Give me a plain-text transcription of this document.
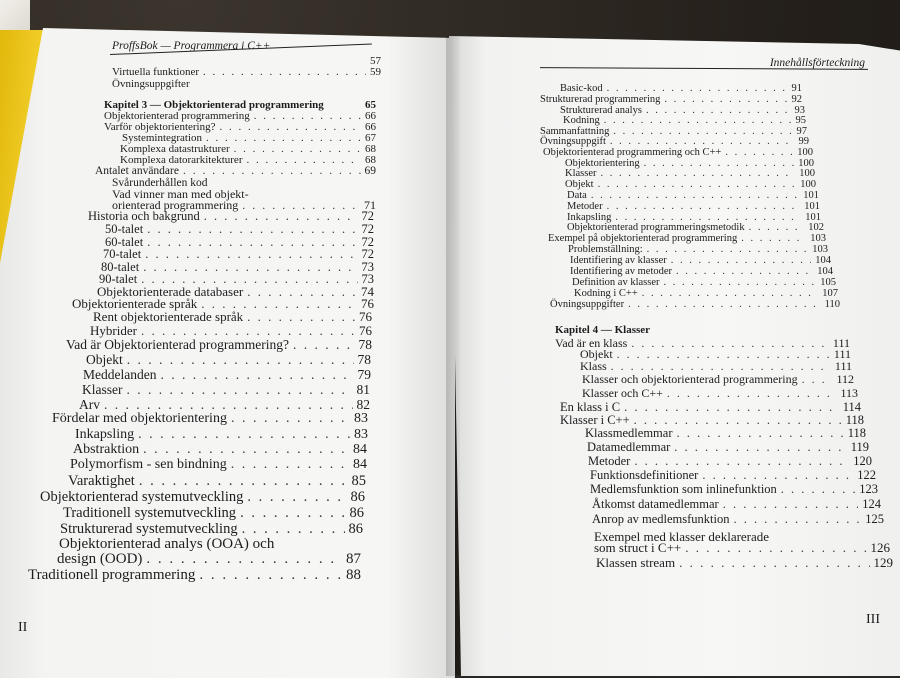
ProffsBok — Programmera i C++
Innehållsförteckning
57
Virtuella funktioner . . .	59
Övningsuppgifter
Kapitel 3 — Objektorienterad programmering	65
Objektorienterad programmering . . .	66
Varför objektorientering? . . .	66
Systemintegration . . .	67
Komplexa datastrukturer . . .	68
Komplexa datorarkitekturer . . .	68
Antalet användare . . .	69
Svårunderhållen kod
Vad vinner man med objekt-
orienterad programmering . . .	71
Historia och bakgrund . . .	72
50-talet . . .	72
60-talet . . .	72
70-talet . . .	72
80-talet . . .	73
90-talet . . .	73
Objektorienterade databaser . . .	74
Objektorienterade språk . . .	76
Rent objektorienterade språk . . .	76
Hybrider . . .	76
Vad är Objektorienterad programmering? . . .	78
Objekt . . .	78
Meddelanden . . .	79
Klasser . . .	81
Arv . . .	82
Fördelar med objektorientering . . .	83
Inkapsling . . .	83
Abstraktion . . .	84
Polymorfism - sen bindning . . .	84
Varaktighet . . .	85
Objektorienterad systemutveckling . . .	86
Traditionell systemutveckling . . .	86
Strukturerad systemutveckling . . .	86
Objektorienterad analys (OOA) och
design (OOD) . . .	87
Traditionell programmering . . .	88
Basic-kod . . .	91
Strukturerad programmering . . .	92
Strukturerad analys . . .	93
Kodning . . .	95
Sammanfattning . . .	97
Övningsuppgift . . .	99
Objektorienterad programmering och C++ . . .	100
Objektorientering . . .	100
Klasser . . .	100
Objekt . . .	100
Data . . .	101
Metoder . . .	101
Inkapsling . . .	101
Objektorienterad programmeringsmetodik . . .	102
Exempel på objektorienterad programmering . . .	103
Problemställning: . . .	103
Identifiering av klasser . . .	104
Identifiering av metoder . . .	104
Definition av klasser . . .	105
Kodning i C++ . . .	107
Övningsuppgifter . . .	110
Kapitel 4 — Klasser
Vad är en klass . . .	111
Objekt . . .	111
Klass . . .	111
Klasser och objektorienterad programmering . . .	112
Klasser och C++ . . .	113
En klass i C . . .	114
Klasser i C++ . . .	118
Klassmedlemmar . . .	118
Datamedlemmar . . .	119
Metoder . . .	120
Funktionsdefinitioner . . .	122
Medlemsfunktion som inlinefunktion . . .	123
Åtkomst datamedlemmar . . .	124
Anrop av medlemsfunktion . . .	125
Exempel med klasser deklarerade
som struct i C++ . . .	126
Klassen stream . . .	129
II
III
